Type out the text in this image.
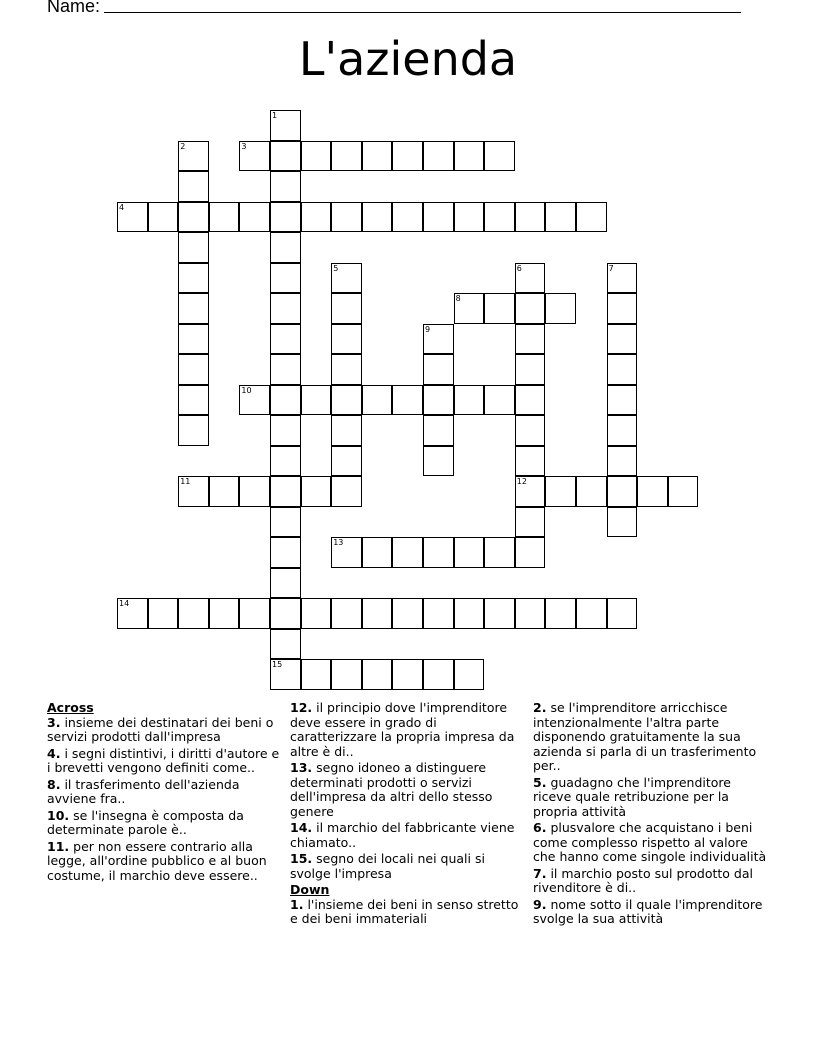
Name:
L'azienda
1
15
2	3
4
5	6
12
7
8
9
10
11
13
14
Across
3. insieme dei destinatari dei beni o servizi prodotti dall'impresa
4. i segni distintivi, i diritti d'autore e i brevetti vengono definiti come..
8. il trasferimento dell'azienda avviene fra..
10. se l'insegna è composta da determinate parole è..
11. per non essere contrario alla legge, all'ordine pubblico e al buon costume, il marchio deve essere..
12. il principio dove l'imprenditore deve essere in grado di caratterizzare la propria impresa da altre è di..
13. segno idoneo a distinguere determinati prodotti o servizi dell'impresa da altri dello stesso genere
14. il marchio del fabbricante viene chiamato..
15. segno dei locali nei quali si svolge l'impresa
Down
1. l'insieme dei beni in senso stretto e dei beni immateriali
2. se l'imprenditore arricchisce intenzionalmente l'altra parte disponendo gratuitamente la sua azienda si parla di un trasferimento per..
5. guadagno che l'imprenditore riceve quale retribuzione per la propria attività
6. plusvalore che acquistano i beni come complesso rispetto al valore che hanno come singole individualità
7. il marchio posto sul prodotto dal rivenditore è di..
9. nome sotto il quale l'imprenditore svolge la sua attività
